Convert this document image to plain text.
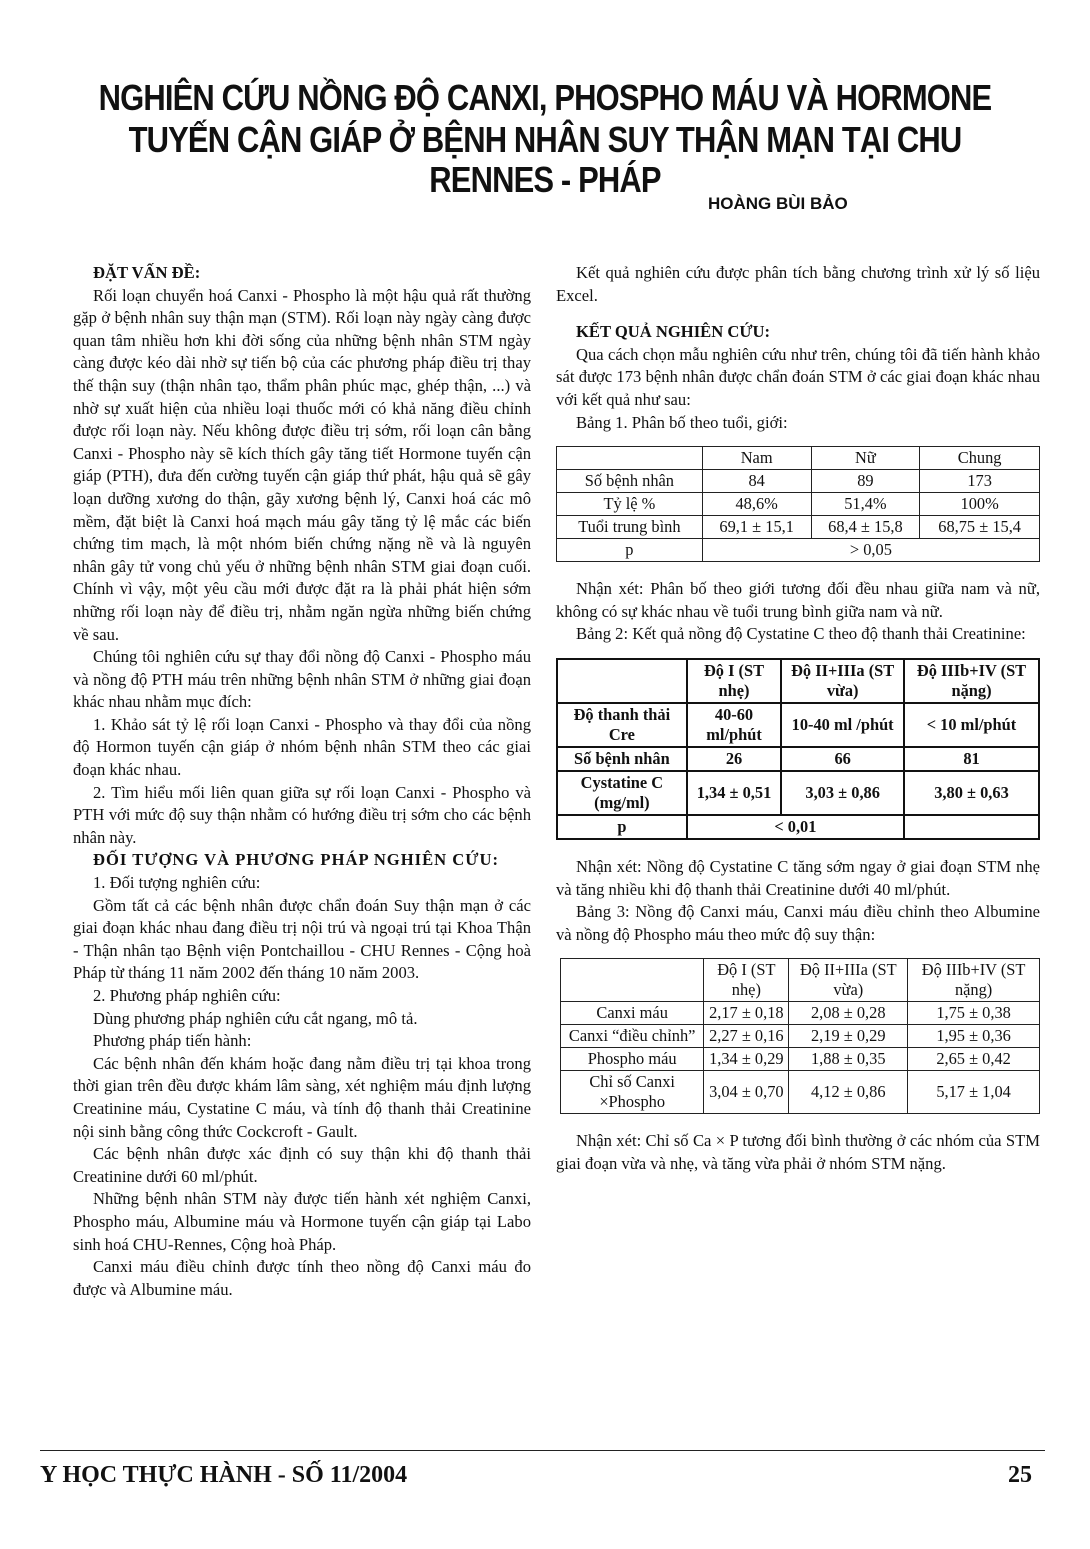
NGHIÊN CỨU NỒNG ĐỘ CANXI, PHOSPHO MÁU VÀ HORMONE
TUYẾN CẬN GIÁP Ở BỆNH NHÂN SUY THẬN MẠN TẠI CHU RENNES - PHÁP
HOÀNG BÙI BẢO
ĐẶT VẤN ĐỀ:

Rối loạn chuyển hoá Canxi - Phospho là một hậu quả rất thường gặp ở bệnh nhân suy thận mạn (STM). Rối loạn này ngày càng được quan tâm nhiều hơn khi đời sống của những bệnh nhân STM ngày càng được kéo dài nhờ sự tiến bộ của các phương pháp điều trị thay thế thận suy (thận nhân tạo, thẩm phân phúc mạc, ghép thận, ...) và nhờ sự xuất hiện của nhiều loại thuốc mới có khả năng điều chỉnh được rối loạn này. Nếu không được điều trị sớm, rối loạn cân bằng Canxi - Phospho này sẽ kích thích gây tăng tiết Hormone tuyến cận giáp (PTH), đưa đến cường tuyến cận giáp thứ phát, hậu quả sẽ gây loạn dưỡng xương do thận, gãy xương bệnh lý, Canxi hoá các mô mềm, đặt biệt là Canxi hoá mạch máu gây tăng tỷ lệ mắc các biến chứng tim mạch, là một nhóm biến chứng nặng nề và là nguyên nhân gây tử vong chủ yếu ở những bệnh nhân STM giai đoạn cuối. Chính vì vậy, một yêu cầu mới được đặt ra là phải phát hiện sớm những rối loạn này để điều trị, nhằm ngăn ngừa những biến chứng về sau.

Chúng tôi nghiên cứu sự thay đổi nồng độ Canxi - Phospho máu và nồng độ PTH máu trên những bệnh nhân STM ở những giai đoạn khác nhau nhằm mục đích:

1. Khảo sát tỷ lệ rối loạn Canxi - Phospho và thay đổi của nồng độ Hormon tuyến cận giáp ở nhóm bệnh nhân STM theo các giai đoạn khác nhau.

2. Tìm hiểu mối liên quan giữa sự rối loạn Canxi - Phospho và PTH với mức độ suy thận nhằm có hướng điều trị sớm cho các bệnh nhân này.

ĐỐI TƯỢNG VÀ PHƯƠNG PHÁP NGHIÊN CỨU:

1. Đối tượng nghiên cứu:

Gồm tất cả các bệnh nhân được chẩn đoán Suy thận mạn ở các giai đoạn khác nhau đang điều trị nội trú và ngoại trú tại Khoa Thận - Thận nhân tạo Bệnh viện Pontchaillou - CHU Rennes - Cộng hoà Pháp từ tháng 11 năm 2002 đến tháng 10 năm 2003.

2. Phương pháp nghiên cứu:

Dùng phương pháp nghiên cứu cắt ngang, mô tả.

Phương pháp tiến hành:

Các bệnh nhân đến khám hoặc đang nằm điều trị tại khoa trong thời gian trên đều được khám lâm sàng, xét nghiệm máu định lượng Creatinine máu, Cystatine C máu, và tính độ thanh thải Creatinine nội sinh bằng công thức Cockcroft - Gault.

Các bệnh nhân được xác định có suy thận khi độ thanh thải Creatinine dưới 60 ml/phút.

Những bệnh nhân STM này được tiến hành xét nghiệm Canxi, Phospho máu, Albumine máu và Hormone tuyến cận giáp tại Labo sinh hoá CHU-Rennes, Cộng hoà Pháp.

Canxi máu điều chỉnh được tính theo nồng độ Canxi máu đo được và Albumine máu.

Kết quả nghiên cứu được phân tích bằng chương trình xử lý số liệu Excel.

KẾT QUẢ NGHIÊN CỨU:

Qua cách chọn mẫu nghiên cứu như trên, chúng tôi đã tiến hành khảo sát được 173 bệnh nhân được chẩn đoán STM ở các giai đoạn khác nhau với kết quả như sau:

Bảng 1. Phân bố theo tuổi, giới:

	Nam	Nữ	Chung
Số bệnh nhân	84	89	173
Tỷ lệ %	48,6%	51,4%	100%
Tuổi trung bình	69,1 ± 15,1	68,4 ± 15,8	68,75 ± 15,4
p	> 0,05		

Nhận xét: Phân bố theo giới tương đối đều nhau giữa nam và nữ, không có sự khác nhau về tuổi trung bình giữa nam và nữ.

Bảng 2: Kết quả nồng độ Cystatine C theo độ thanh thải Creatinine:

	Độ I (ST nhẹ)	Độ II+IIIa (ST vừa)	Độ IIIb+IV (ST nặng)
Độ thanh thải Cre	40-60 ml/phút	10-40 ml /phút	< 10 ml/phút
Số bệnh nhân	26	66	81
Cystatine C (mg/ml)	1,34 ± 0,51	3,03 ± 0,86	3,80 ± 0,63
p	< 0,01		

Nhận xét: Nồng độ Cystatine C tăng sớm ngay ở giai đoạn STM nhẹ và tăng nhiều khi độ thanh thải Creatinine dưới 40 ml/phút.

Bảng 3: Nồng độ Canxi máu, Canxi máu điều chỉnh theo Albumine và nồng độ Phospho máu theo mức độ suy thận:

	Độ I (ST nhẹ)	Độ II+IIIa (ST vừa)	Độ IIIb+IV (ST nặng)
Canxi máu	2,17 ± 0,18	2,08 ± 0,28	1,75 ± 0,38
Canxi “điều chỉnh”	2,27 ± 0,16	2,19 ± 0,29	1,95 ± 0,36
Phospho máu	1,34 ± 0,29	1,88 ± 0,35	2,65 ± 0,42
Chỉ số Canxi ×Phospho	3,04 ± 0,70	4,12 ± 0,86	5,17 ± 1,04

Nhận xét: Chỉ số Ca × P tương đối bình thường ở các nhóm của STM giai đoạn vừa và nhẹ, và tăng vừa phải ở nhóm STM nặng.

Y HỌC THỰC HÀNH - SỐ 11/2004	25
